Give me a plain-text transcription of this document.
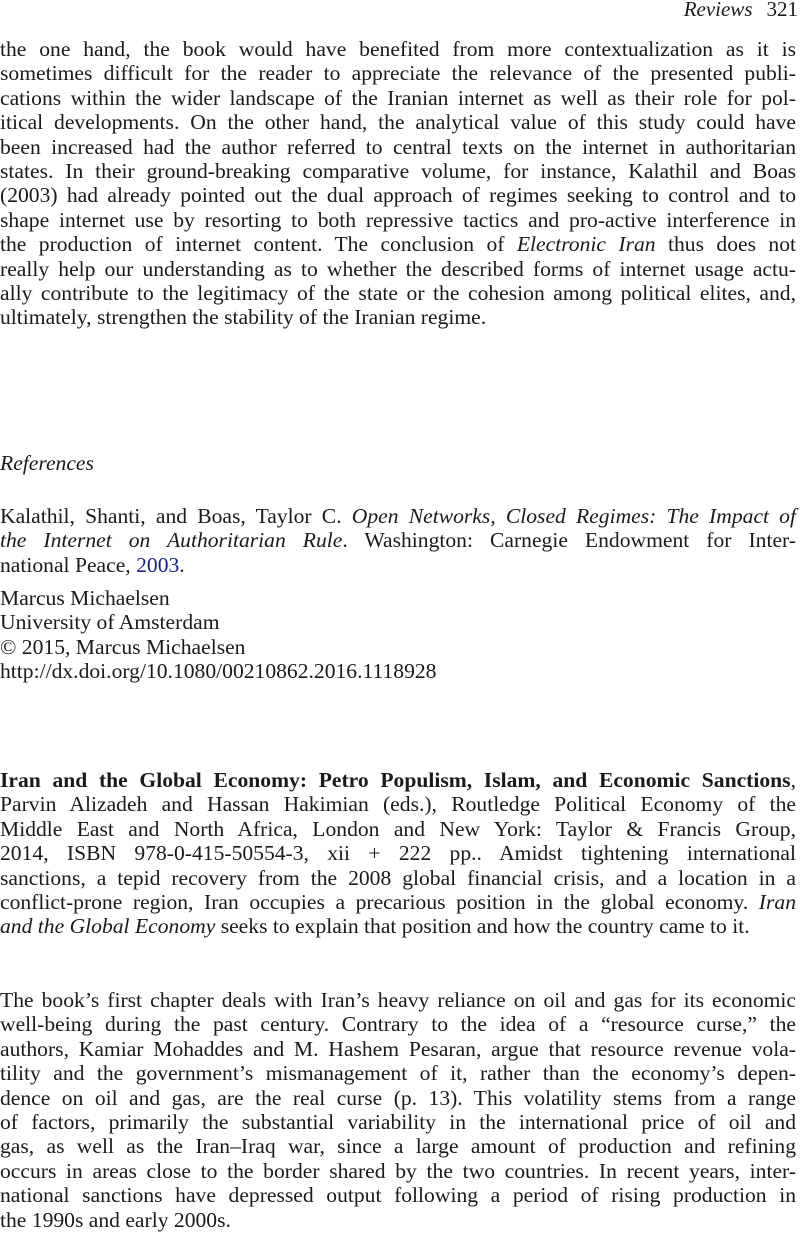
Reviews 321
the one hand, the book would have benefited from more contextualization as it is
sometimes difficult for the reader to appreciate the relevance of the presented publi-
cations within the wider landscape of the Iranian internet as well as their role for pol-
itical developments. On the other hand, the analytical value of this study could have
been increased had the author referred to central texts on the internet in authoritarian
states. In their ground-breaking comparative volume, for instance, Kalathil and Boas
(2003) had already pointed out the dual approach of regimes seeking to control and to
shape internet use by resorting to both repressive tactics and pro-active interference in
the production of internet content. The conclusion of Electronic Iran thus does not
really help our understanding as to whether the described forms of internet usage actu-
ally contribute to the legitimacy of the state or the cohesion among political elites, and,
ultimately, strengthen the stability of the Iranian regime.
References
Kalathil, Shanti, and Boas, Taylor C. Open Networks, Closed Regimes: The Impact of
the Internet on Authoritarian Rule. Washington: Carnegie Endowment for Inter-
national Peace, 2003.
Marcus Michaelsen
University of Amsterdam
© 2015, Marcus Michaelsen
http://dx.doi.org/10.1080/00210862.2016.1118928
Iran and the Global Economy: Petro Populism, Islam, and Economic Sanctions,
Parvin Alizadeh and Hassan Hakimian (eds.), Routledge Political Economy of the
Middle East and North Africa, London and New York: Taylor & Francis Group,
2014, ISBN 978-0-415-50554-3, xii + 222 pp.. Amidst tightening international
sanctions, a tepid recovery from the 2008 global financial crisis, and a location in a
conflict-prone region, Iran occupies a precarious position in the global economy. Iran
and the Global Economy seeks to explain that position and how the country came to it.
The book’s first chapter deals with Iran’s heavy reliance on oil and gas for its economic
well-being during the past century. Contrary to the idea of a “resource curse,” the
authors, Kamiar Mohaddes and M. Hashem Pesaran, argue that resource revenue vola-
tility and the government’s mismanagement of it, rather than the economy’s depen-
dence on oil and gas, are the real curse (p. 13). This volatility stems from a range
of factors, primarily the substantial variability in the international price of oil and
gas, as well as the Iran–Iraq war, since a large amount of production and refining
occurs in areas close to the border shared by the two countries. In recent years, inter-
national sanctions have depressed output following a period of rising production in
the 1990s and early 2000s.
